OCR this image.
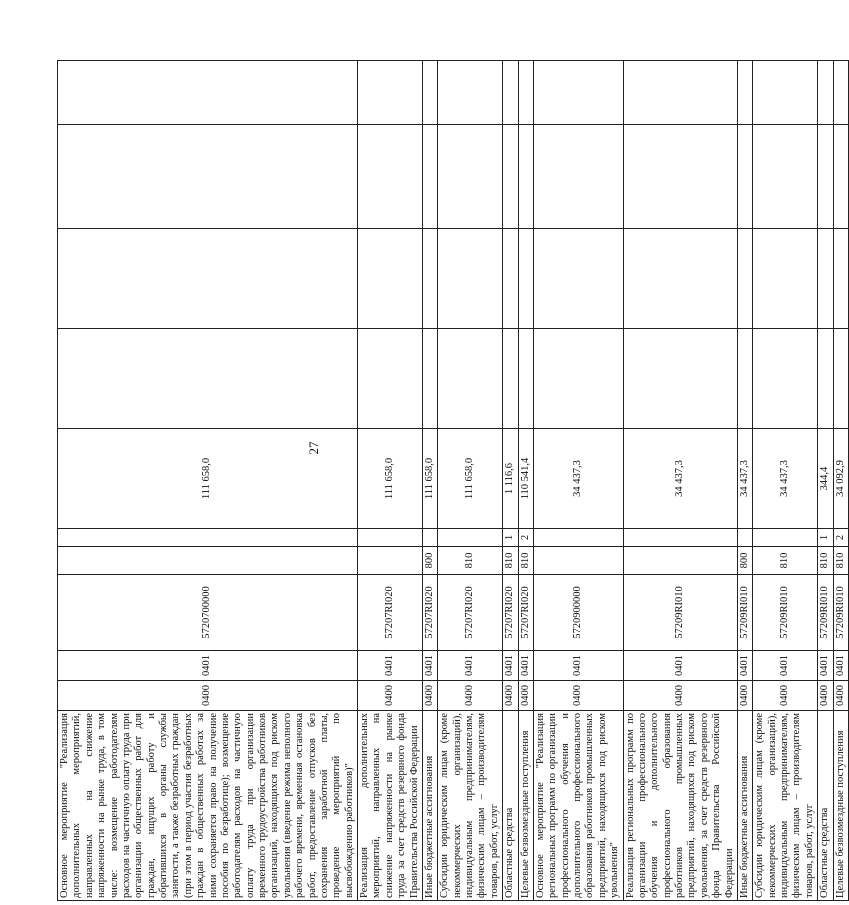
27
Основное мероприятие "Реализация дополнительных мероприятий, направленных на снижение напряженности на рынке труда, в том числе: возмещение работодателям расходов на частичную оплату труда при организации общественных работ для граждан, ищущих работу и обратившихся в органы службы занятости, а также безработных граждан (при этом в период участия безработных граждан в общественных работах за ними сохраняется право на получение пособия по безработице); возмещение работодателям расходов на частичную оплату труда при организации временного трудоустройства работников организаций, находящихся под риском увольнения (введение режима неполного рабочего времени, временная остановка работ, предоставление отпусков без сохранения заработной платы, проведение мероприятий по высвобождению работников)"	0400	0401	5720700000			111 658,0				
Реализация дополнительных мероприятий, направленных на снижение напряженности на рынке труда за счет средств резервного фонда Правительства Российской Федерации	0400	0401	57207RI020			111 658,0				
Иные бюджетные ассигнования	0400	0401	57207RI020	800		111 658,0				
Субсидии юридическим лицам (кроме некоммерческих организаций), индивидуальным предпринимателям, физическим лицам – производителям товаров, работ, услуг	0400	0401	57207RI020	810		111 658,0				
Областные средства	0400	0401	57207RI020	810	1	1 116,6				
Целевые безвозмездные поступления	0400	0401	57207RI020	810	2	110 541,4				
Основное мероприятие "Реализация региональных программ по организации профессионального обучения и дополнительного профессионального образования работников промышленных предприятий, находящихся под риском увольнения"	0400	0401	5720900000			34 437,3				
Реализация региональных программ по организации профессионального обучения и дополнительного профессионального образования работников промышленных предприятий, находящихся под риском увольнения, за счет средств резервного фонда Правительства Российской Федерации	0400	0401	57209RI010			34 437,3				
Иные бюджетные ассигнования	0400	0401	57209RI010	800		34 437,3				
Субсидии юридическим лицам (кроме некоммерческих организаций), индивидуальным предпринимателям, физическим лицам – производителям товаров, работ, услуг	0400	0401	57209RI010	810		34 437,3				
Областные средства	0400	0401	57209RI010	810	1	344,4				
Целевые безвозмездные поступления	0400	0401	57209RI010	810	2	34 092,9				
